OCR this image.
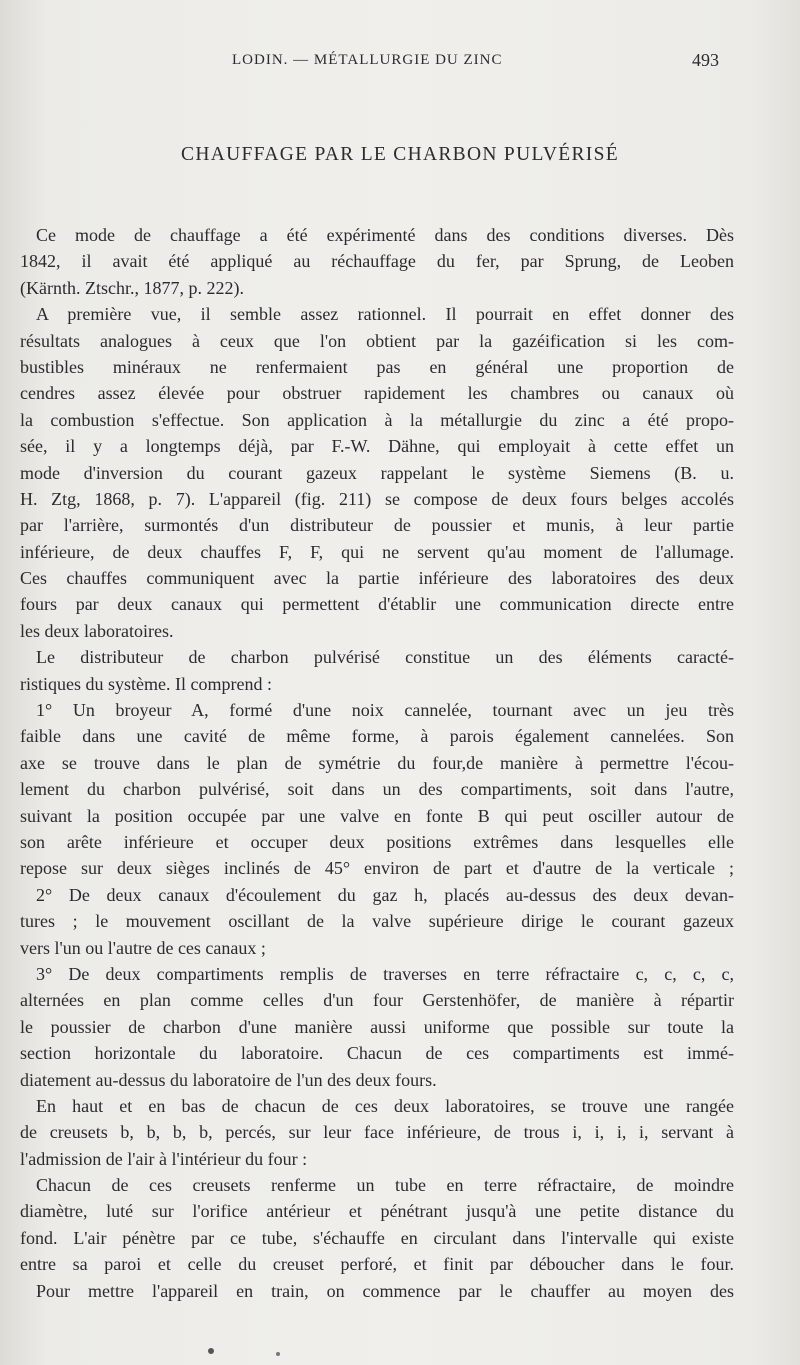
LODIN. — MÉTALLURGIE DU ZINC	493
CHAUFFAGE PAR LE CHARBON PULVÉRISÉ
Ce mode de chauffage a été expérimenté dans des conditions diverses. Dès
1842, il avait été appliqué au réchauffage du fer, par Sprung, de Leoben
(Kärnth. Ztschr., 1877, p. 222).
A première vue, il semble assez rationnel. Il pourrait en effet donner des
résultats analogues à ceux que l'on obtient par la gazéification si les com-
bustibles minéraux ne renfermaient pas en général une proportion de
cendres assez élevée pour obstruer rapidement les chambres ou canaux où
la combustion s'effectue. Son application à la métallurgie du zinc a été propo-
sée, il y a longtemps déjà, par F.-W. Dähne, qui employait à cette effet un
mode d'inversion du courant gazeux rappelant le système Siemens (B. u.
H. Ztg, 1868, p. 7). L'appareil (fig. 211) se compose de deux fours belges accolés
par l'arrière, surmontés d'un distributeur de poussier et munis, à leur partie
inférieure, de deux chauffes F, F, qui ne servent qu'au moment de l'allumage.
Ces chauffes communiquent avec la partie inférieure des laboratoires des deux
fours par deux canaux qui permettent d'établir une communication directe entre
les deux laboratoires.
Le distributeur de charbon pulvérisé constitue un des éléments caracté-
ristiques du système. Il comprend :
1° Un broyeur A, formé d'une noix cannelée, tournant avec un jeu très
faible dans une cavité de même forme, à parois également cannelées. Son
axe se trouve dans le plan de symétrie du four,de manière à permettre l'écou-
lement du charbon pulvérisé, soit dans un des compartiments, soit dans l'autre,
suivant la position occupée par une valve en fonte B qui peut osciller autour de
son arête inférieure et occuper deux positions extrêmes dans lesquelles elle
repose sur deux sièges inclinés de 45° environ de part et d'autre de la verticale ;
2° De deux canaux d'écoulement du gaz h, placés au-dessus des deux devan-
tures ; le mouvement oscillant de la valve supérieure dirige le courant gazeux
vers l'un ou l'autre de ces canaux ;
3° De deux compartiments remplis de traverses en terre réfractaire c, c, c, c,
alternées en plan comme celles d'un four Gerstenhöfer, de manière à répartir
le poussier de charbon d'une manière aussi uniforme que possible sur toute la
section horizontale du laboratoire. Chacun de ces compartiments est immé-
diatement au-dessus du laboratoire de l'un des deux fours.
En haut et en bas de chacun de ces deux laboratoires, se trouve une rangée
de creusets b, b, b, b, percés, sur leur face inférieure, de trous i, i, i, i, servant à
l'admission de l'air à l'intérieur du four :
Chacun de ces creusets renferme un tube en terre réfractaire, de moindre
diamètre, luté sur l'orifice antérieur et pénétrant jusqu'à une petite distance du
fond. L'air pénètre par ce tube, s'échauffe en circulant dans l'intervalle qui existe
entre sa paroi et celle du creuset perforé, et finit par déboucher dans le four.
Pour mettre l'appareil en train, on commence par le chauffer au moyen des
